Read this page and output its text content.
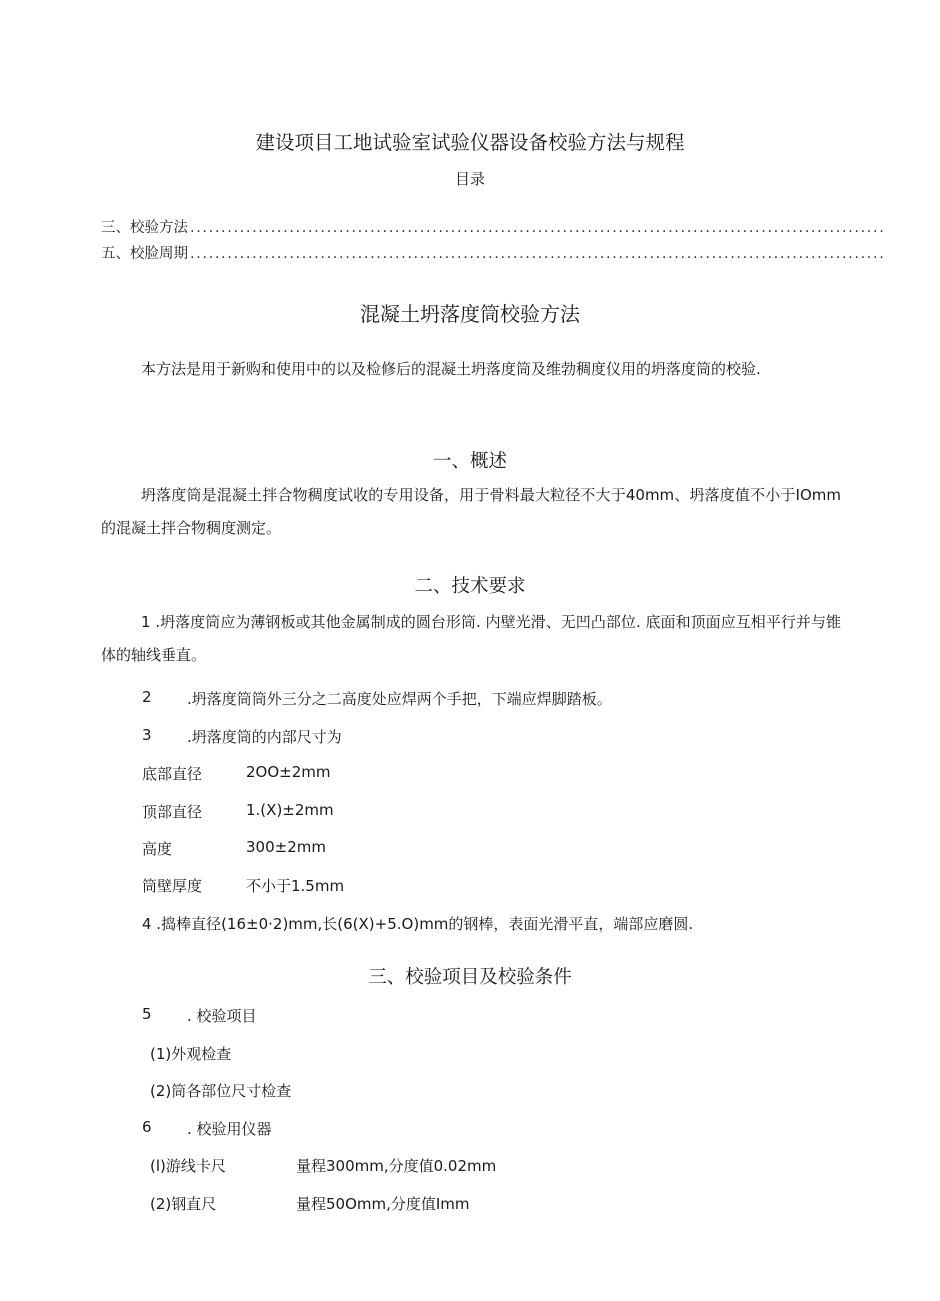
建设项目工地试验室试验仪器设备校验方法与规程
目录
三、校验方法 ................................................................................................................
五、校脸周期 ................................................................................................................
混凝土坍落度筒校验方法
本方法是用于新购和使用中的以及检修后的混凝土坍落度筒及维勃稠度仪用的坍落度筒的校验.
一、概述
坍落度筒是混凝土拌合物稠度试收的专用设备，用于骨料最大粒径不大于40mm、坍落度值不小于IOmm的混凝土拌合物稠度测定。
二、技术要求
1 .坍落度筒应为薄钢板或其他金属制成的圆台形筒. 内壁光滑、无凹凸部位. 底面和顶面应互相平行并与锥体的轴线垂直。
2 .坍落度筒筒外三分之二高度处应焊两个手把，下端应焊脚踏板。
3 .坍落度筒的内部尺寸为
底部直径	2OO±2mm
顶部直径	1.(X)±2mm
高度	300±2mm
筒壁厚度	不小于1.5mm
4 .捣棒直径(16±0·2)mm,长(6(X)+5.O)mm的钢棒，表面光滑平直，端部应磨圆.
三、校验项目及校验条件
5 . 校验项目
(1)外观检查
(2)筒各部位尺寸检查
6 . 校验用仪器
(l)游线卡尺	量程300mm,分度值0.02mm
(2)钢直尺	量程50Omm,分度值Imm
